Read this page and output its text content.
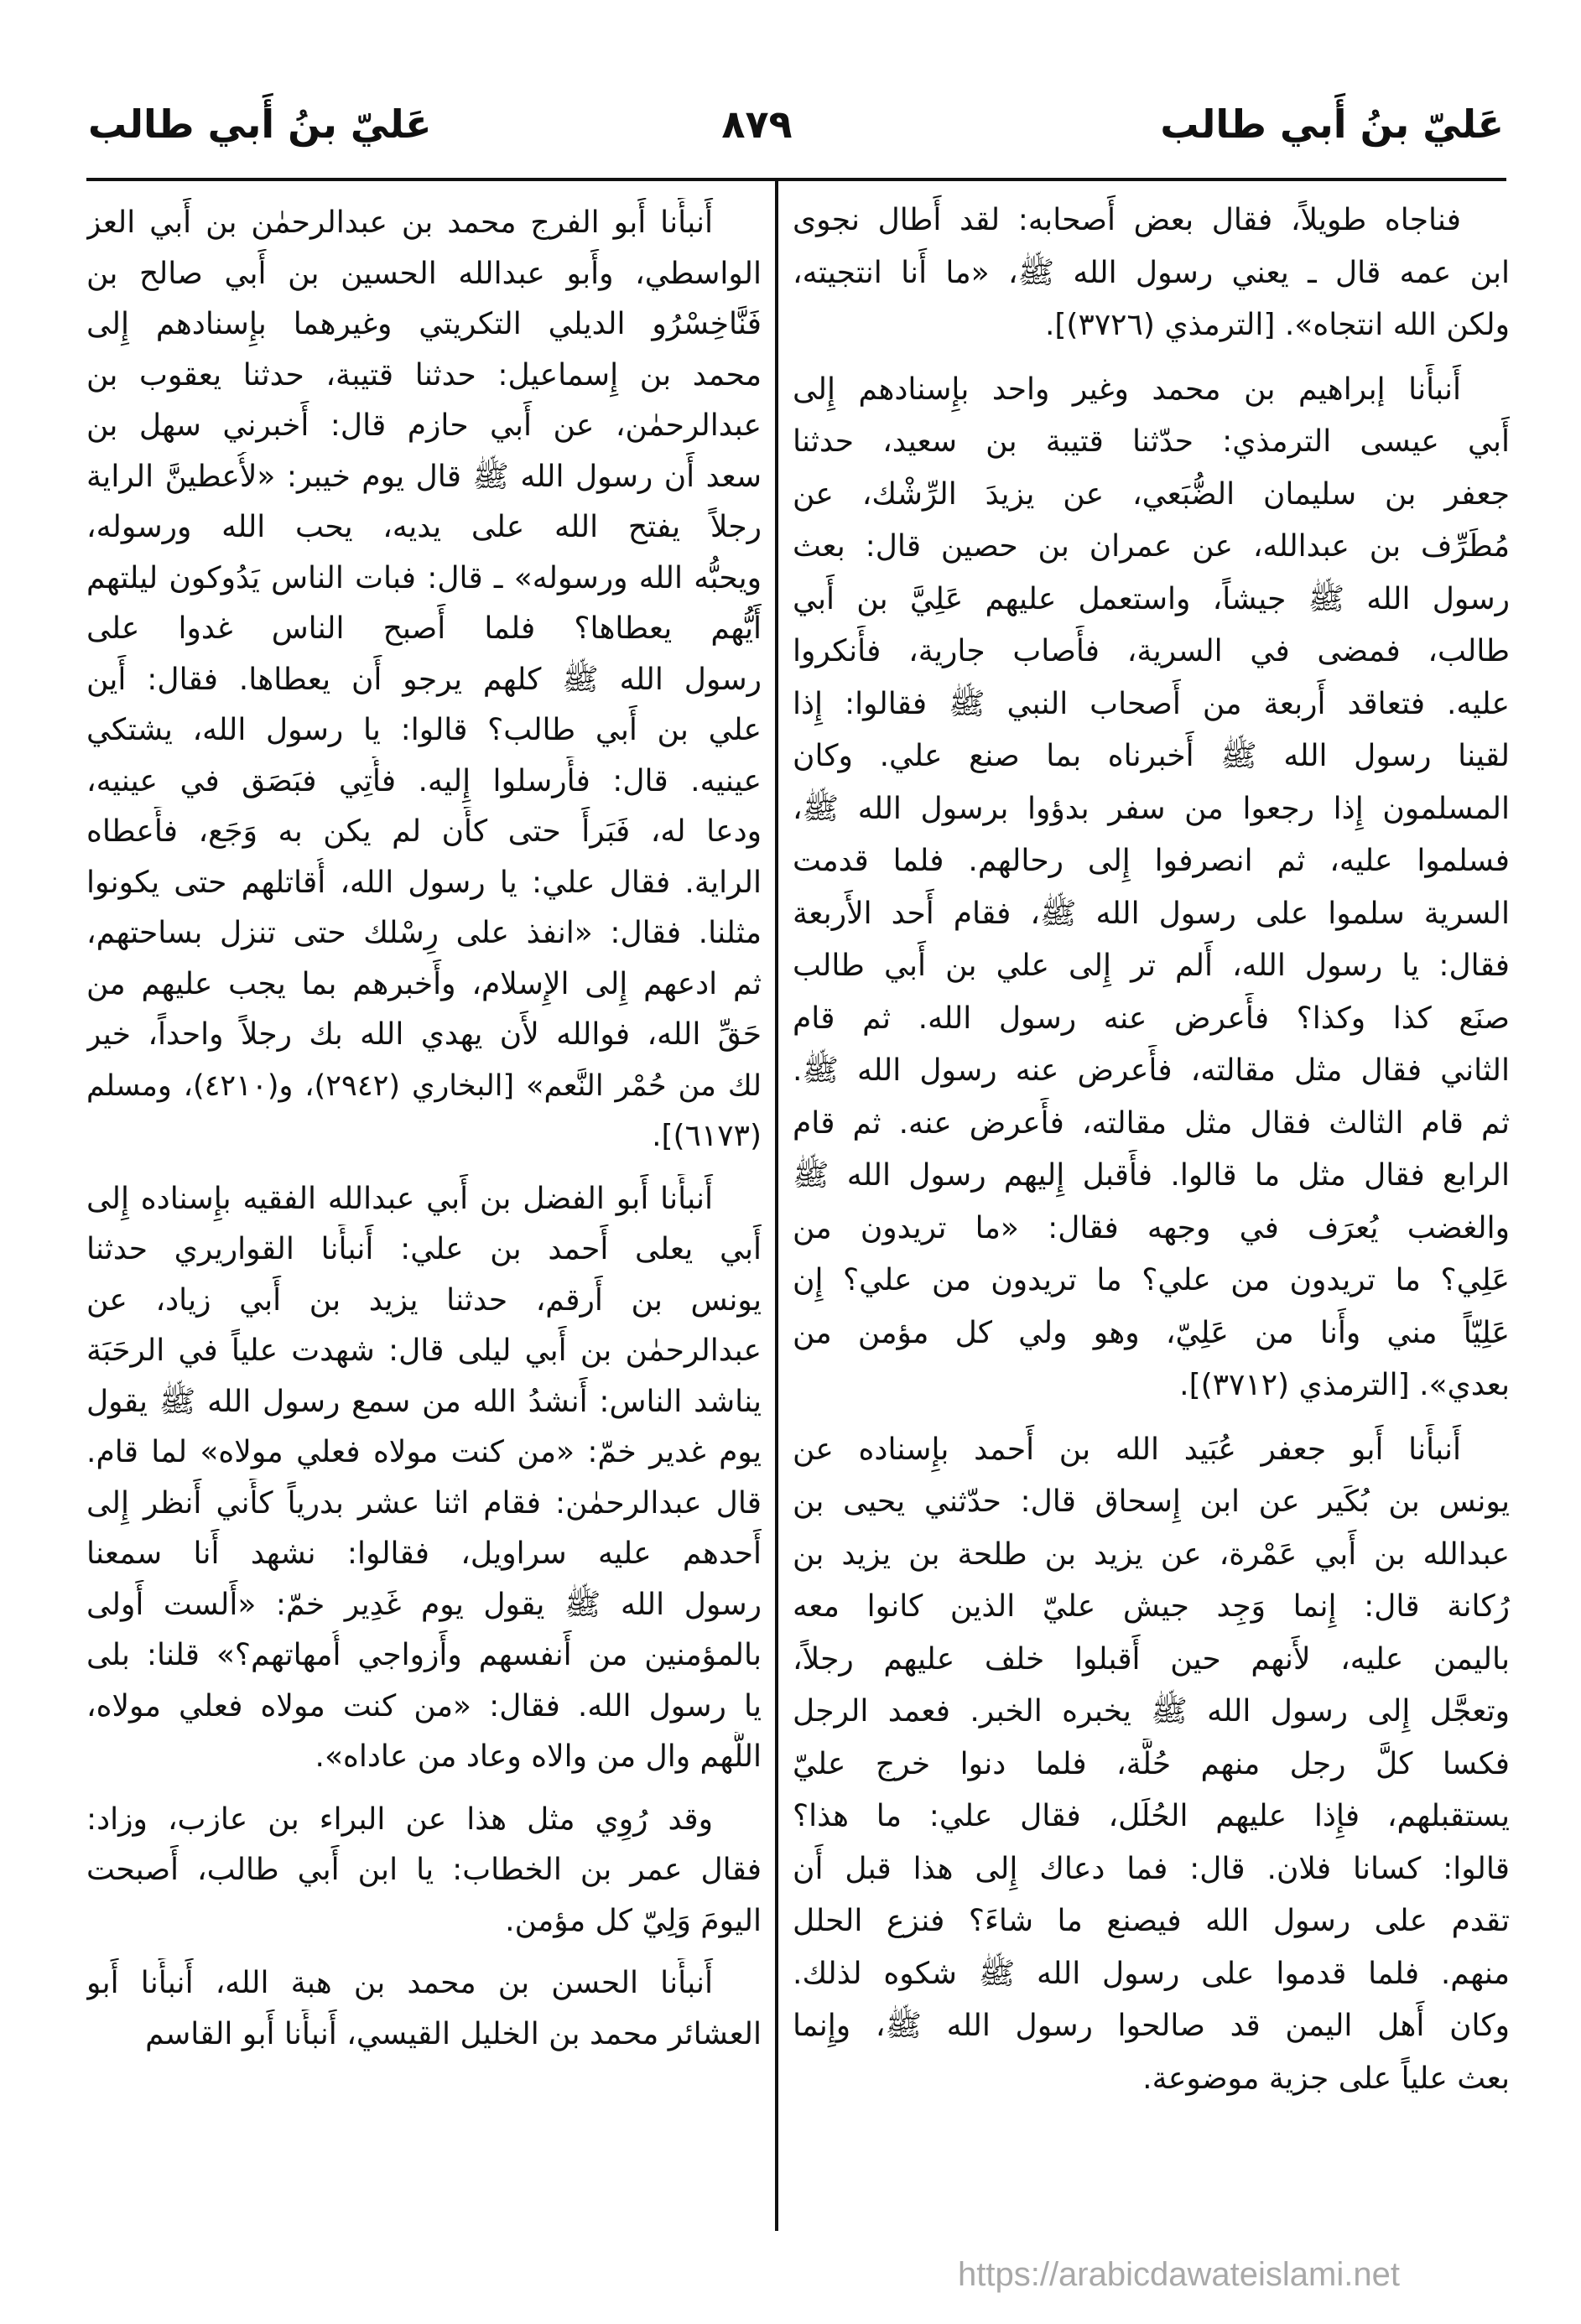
عَليّ بنُ أَبي طالب
٨٧٩
عَليّ بنُ أَبي طالب
فناجاه طويلاً، فقال بعض أَصحابه: لقد أَطال نجوى
ابن عمه قال ـ يعني رسول الله ﷺ، «ما أَنا انتجيته،
ولكن الله انتجاه». [الترمذي (٣٧٢٦)].
أَنبأَنا إبراهيم بن محمد وغير واحد بإِسنادهم إِلى
أَبي عيسى الترمذي: حدّثنا قتيبة بن سعيد، حدثنا
جعفر بن سليمان الضُّبَعي، عن يزيدَ الرِّشْك، عن
مُطَرِّف بن عبدالله، عن عمران بن حصين قال: بعث
رسول الله ﷺ جيشاً، واستعمل عليهم عَلِيَّ بن أَبي
طالب، فمضى في السرية، فأَصاب جارية، فأَنكروا
عليه. فتعاقد أَربعة من أَصحاب النبي ﷺ فقالوا: إِذا
لقينا رسول الله ﷺ أَخبرناه بما صنع علي. وكان
المسلمون إِذا رجعوا من سفر بدؤوا برسول الله ﷺ،
فسلموا عليه، ثم انصرفوا إِلى رحالهم. فلما قدمت
السرية سلموا على رسول الله ﷺ، فقام أَحد الأَربعة
فقال: يا رسول الله، أَلم تر إِلى علي بن أَبي طالب
صنَع كذا وكذا؟ فأَعرض عنه رسول الله. ثم قام
الثاني فقال مثل مقالته، فأَعرض عنه رسول الله ﷺ.
ثم قام الثالث فقال مثل مقالته، فأَعرض عنه. ثم قام
الرابع فقال مثل ما قالوا. فأَقبل إِليهم رسول الله ﷺ
والغضب يُعرَف في وجهه فقال: «ما تريدون من
عَلِي؟ ما تريدون من علي؟ ما تريدون من علي؟ إِن
عَلِيّاً مني وأَنا من عَلِيّ، وهو ولي كل مؤمن من
بعدي». [الترمذي (٣٧١٢)].
أَنبأَنا أَبو جعفر عُبَيد الله بن أَحمد بإِسناده عن
يونس بن بُكَير عن ابن إِسحاق قال: حدّثني يحيى بن
عبدالله بن أَبي عَمْرة، عن يزيد بن طلحة بن يزيد بن
رُكانة قال: إِنما وَجِد جيش عليّ الذين كانوا معه
باليمن عليه، لأَنهم حين أَقبلوا خلف عليهم رجلاً،
وتعجَّل إِلى رسول الله ﷺ يخبره الخبر. فعمد الرجل
فكسا كلَّ رجل منهم حُلَّة، فلما دنوا خرج عليّ
يستقبلهم، فإِذا عليهم الحُلَل، فقال علي: ما هذا؟
قالوا: كسانا فلان. قال: فما دعاك إِلى هذا قبل أَن
تقدم على رسول الله فيصنع ما شاءَ؟ فنزع الحلل
منهم. فلما قدموا على رسول الله ﷺ شكوه لذلك.
وكان أَهل اليمن قد صالحوا رسول الله ﷺ، وإِنما
بعث علياً على جزية موضوعة.
أَنبأَنا أَبو الفرج محمد بن عبدالرحمٰن بن أَبي العز
الواسطي، وأَبو عبدالله الحسين بن أَبي صالح بن
فَنَّاخِسْرُو الديلي التكريتي وغيرهما بإِسنادهم إِلى
محمد بن إِسماعيل: حدثنا قتيبة، حدثنا يعقوب بن
عبدالرحمٰن، عن أَبي حازم قال: أَخبرني سهل بن
سعد أَن رسول الله ﷺ قال يوم خيبر: «لأُعطينَّ الراية
رجلاً يفتح الله على يديه، يحب الله ورسوله،
ويحبُّه الله ورسوله» ـ قال: فبات الناس يَدُوكون ليلتهم
أَيُّهم يعطاها؟ فلما أَصبح الناس غدوا على
رسول الله ﷺ كلهم يرجو أَن يعطاها. فقال: أَين
علي بن أَبي طالب؟ قالوا: يا رسول الله، يشتكي
عينيه. قال: فأَرسلوا إِليه. فأُتِي فبَصَق في عينيه،
ودعا له، فَبَرأَ حتى كأَن لم يكن به وَجَع، فأَعطاه
الراية. فقال علي: يا رسول الله، أُقاتلهم حتى يكونوا
مثلنا. فقال: «انفذ على رِسْلك حتى تنزل بساحتهم،
ثم ادعهم إِلى الإِسلام، وأَخبرهم بما يجب عليهم من
حَقِّ الله، فوالله لأَن يهدي الله بك رجلاً واحداً، خير
لك من حُمْر النَّعم» [البخاري (٢٩٤٢)، و(٤٢١٠)، ومسلم
(٦١٧٣)].
أَنبأَنا أَبو الفضل بن أَبي عبدالله الفقيه بإِسناده إِلى
أَبي يعلى أَحمد بن علي: أَنبأَنا القواريري حدثنا
يونس بن أَرقم، حدثنا يزيد بن أَبي زياد، عن
عبدالرحمٰن بن أَبي ليلى قال: شهدت علياً في الرحَبَة
يناشد الناس: أَنشدُ الله من سمع رسول الله ﷺ يقول
يوم غدير خمّ: «من كنت مولاه فعلي مولاه» لما قام.
قال عبدالرحمٰن: فقام اثنا عشر بدرياً كأَني أَنظر إِلى
أَحدهم عليه سراويل، فقالوا: نشهد أَنا سمعنا
رسول الله ﷺ يقول يوم غَدِير خمّ: «أَلست أَولى
بالمؤمنين من أَنفسهم وأَزواجي أُمهاتهم؟» قلنا: بلى
يا رسول الله. فقال: «من كنت مولاه فعلي مولاه،
اللَّهم وال من والاه وعاد من عاداه».
وقد رُوِي مثل هذا عن البراء بن عازب، وزاد:
فقال عمر بن الخطاب: يا ابن أَبي طالب، أَصبحت
اليومَ وَلِيّ كل مؤمن.
أَنبأَنا الحسن بن محمد بن هبة الله، أَنبأَنا أَبو
العشائر محمد بن الخليل القيسي، أَنبأَنا أَبو القاسم
https://arabicdawateislami.net
